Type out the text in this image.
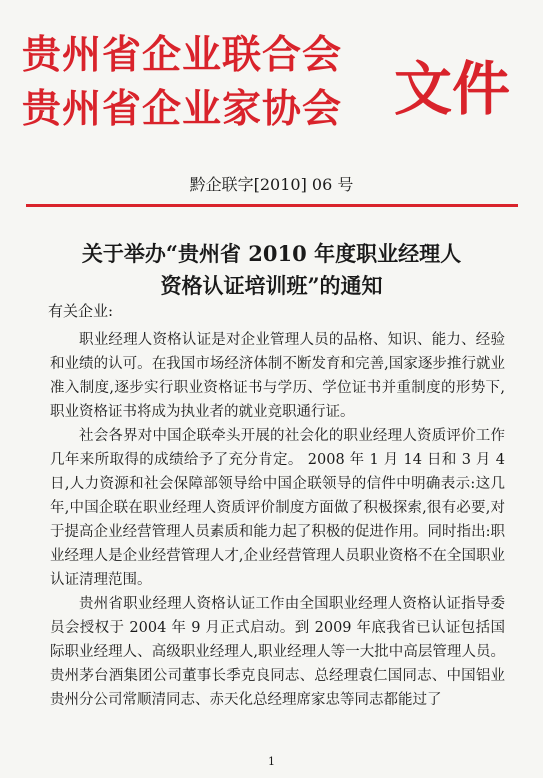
贵州省企业联合会
贵州省企业家协会 文件
黔企联字[2010] 06 号
关于举办“贵州省 2010 年度职业经理人
资格认证培训班”的通知
有关企业:

职业经理人资格认证是对企业管理人员的品格、知识、能力、经验和业绩的认可。在我国市场经济体制不断发育和完善,国家逐步推行就业准入制度,逐步实行职业资格证书与学历、学位证书并重制度的形势下,职业资格证书将成为执业者的就业竞职通行证。

社会各界对中国企联牵头开展的社会化的职业经理人资质评价工作几年来所取得的成绩给予了充分肯定。 2008 年 1 月 14 日和 3 月 4 日,人力资源和社会保障部领导给中国企联领导的信件中明确表示:这几年,中国企联在职业经理人资质评价制度方面做了积极探索,很有必要,对于提高企业经营管理人员素质和能力起了积极的促进作用。同时指出:职业经理人是企业经营管理人才,企业经营管理人员职业资格不在全国职业认证清理范围。

贵州省职业经理人资格认证工作由全国职业经理人资格认证指导委员会授权于 2004 年 9 月正式启动。到 2009 年底我省已认证包括国际职业经理人、高级职业经理人,职业经理人等一大批中高层管理人员。贵州茅台酒集团公司董事长季克良同志、总经理袁仁国同志、中国铝业贵州分公司常顺清同志、赤天化总经理席家忠等同志都能过了

1
